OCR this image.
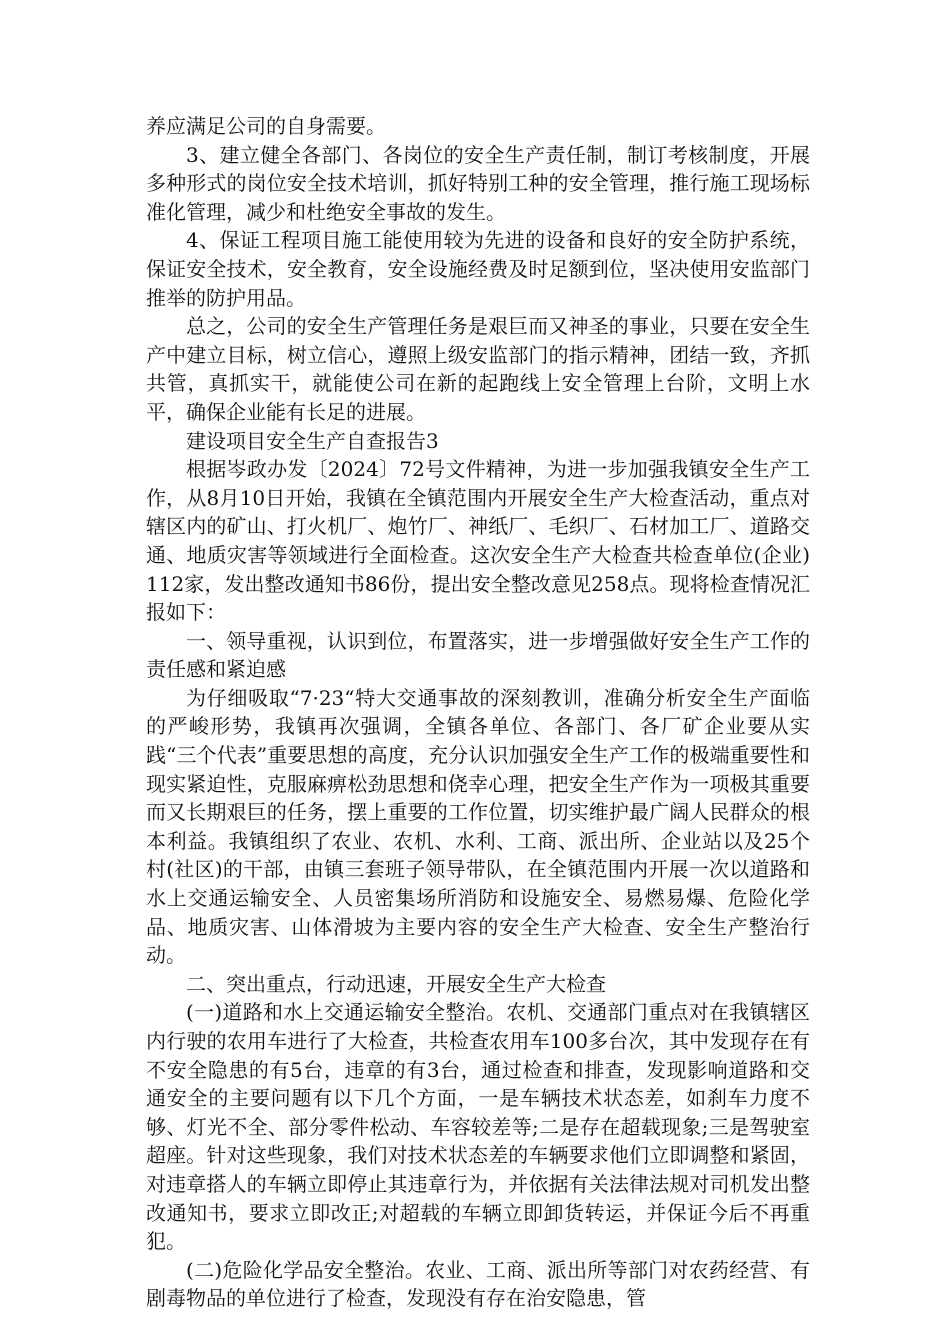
养应满足公司的自身需要。

3、建立健全各部门、各岗位的安全生产责任制，制订考核制度，开展多种形式的岗位安全技术培训，抓好特别工种的安全管理，推行施工现场标准化管理，减少和杜绝安全事故的发生。

4、保证工程项目施工能使用较为先进的设备和良好的安全防护系统，保证安全技术，安全教育，安全设施经费及时足额到位，坚决使用安监部门推举的防护用品。

总之，公司的安全生产管理任务是艰巨而又神圣的事业，只要在安全生产中建立目标，树立信心，遵照上级安监部门的指示精神，团结一致，齐抓共管，真抓实干，就能使公司在新的起跑线上安全管理上台阶，文明上水平，确保企业能有长足的进展。

建设项目安全生产自查报告3

根据岑政办发〔2024〕72号文件精神，为进一步加强我镇安全生产工作，从8月10日开始，我镇在全镇范围内开展安全生产大检查活动，重点对辖区内的矿山、打火机厂、炮竹厂、神纸厂、毛织厂、石材加工厂、道路交通、地质灾害等领域进行全面检查。这次安全生产大检查共检查单位(企业)112家，发出整改通知书86份，提出安全整改意见258点。现将检查情况汇报如下：

一、领导重视，认识到位，布置落实，进一步增强做好安全生产工作的责任感和紧迫感

为仔细吸取“7·23“特大交通事故的深刻教训，准确分析安全生产面临的严峻形势，我镇再次强调，全镇各单位、各部门、各厂矿企业要从实践“三个代表”重要思想的高度，充分认识加强安全生产工作的极端重要性和现实紧迫性，克服麻痹松劲思想和侥幸心理，把安全生产作为一项极其重要而又长期艰巨的任务，摆上重要的工作位置，切实维护最广阔人民群众的根本利益。我镇组织了农业、农机、水利、工商、派出所、企业站以及25个村(社区)的干部，由镇三套班子领导带队，在全镇范围内开展一次以道路和水上交通运输安全、人员密集场所消防和设施安全、易燃易爆、危险化学品、地质灾害、山体滑坡为主要内容的安全生产大检查、安全生产整治行动。

二、突出重点，行动迅速，开展安全生产大检查

(一)道路和水上交通运输安全整治。农机、交通部门重点对在我镇辖区内行驶的农用车进行了大检查，共检查农用车100多台次，其中发现存在有不安全隐患的有5台，违章的有3台，通过检查和排查，发现影响道路和交通安全的主要问题有以下几个方面，一是车辆技术状态差，如刹车力度不够、灯光不全、部分零件松动、车容较差等;二是存在超载现象;三是驾驶室超座。针对这些现象，我们对技术状态差的车辆要求他们立即调整和紧固，对违章搭人的车辆立即停止其违章行为，并依据有关法律法规对司机发出整改通知书，要求立即改正;对超载的车辆立即卸货转运，并保证今后不再重犯。

(二)危险化学品安全整治。农业、工商、派出所等部门对农药经营、有剧毒物品的单位进行了检查，发现没有存在治安隐患，管
